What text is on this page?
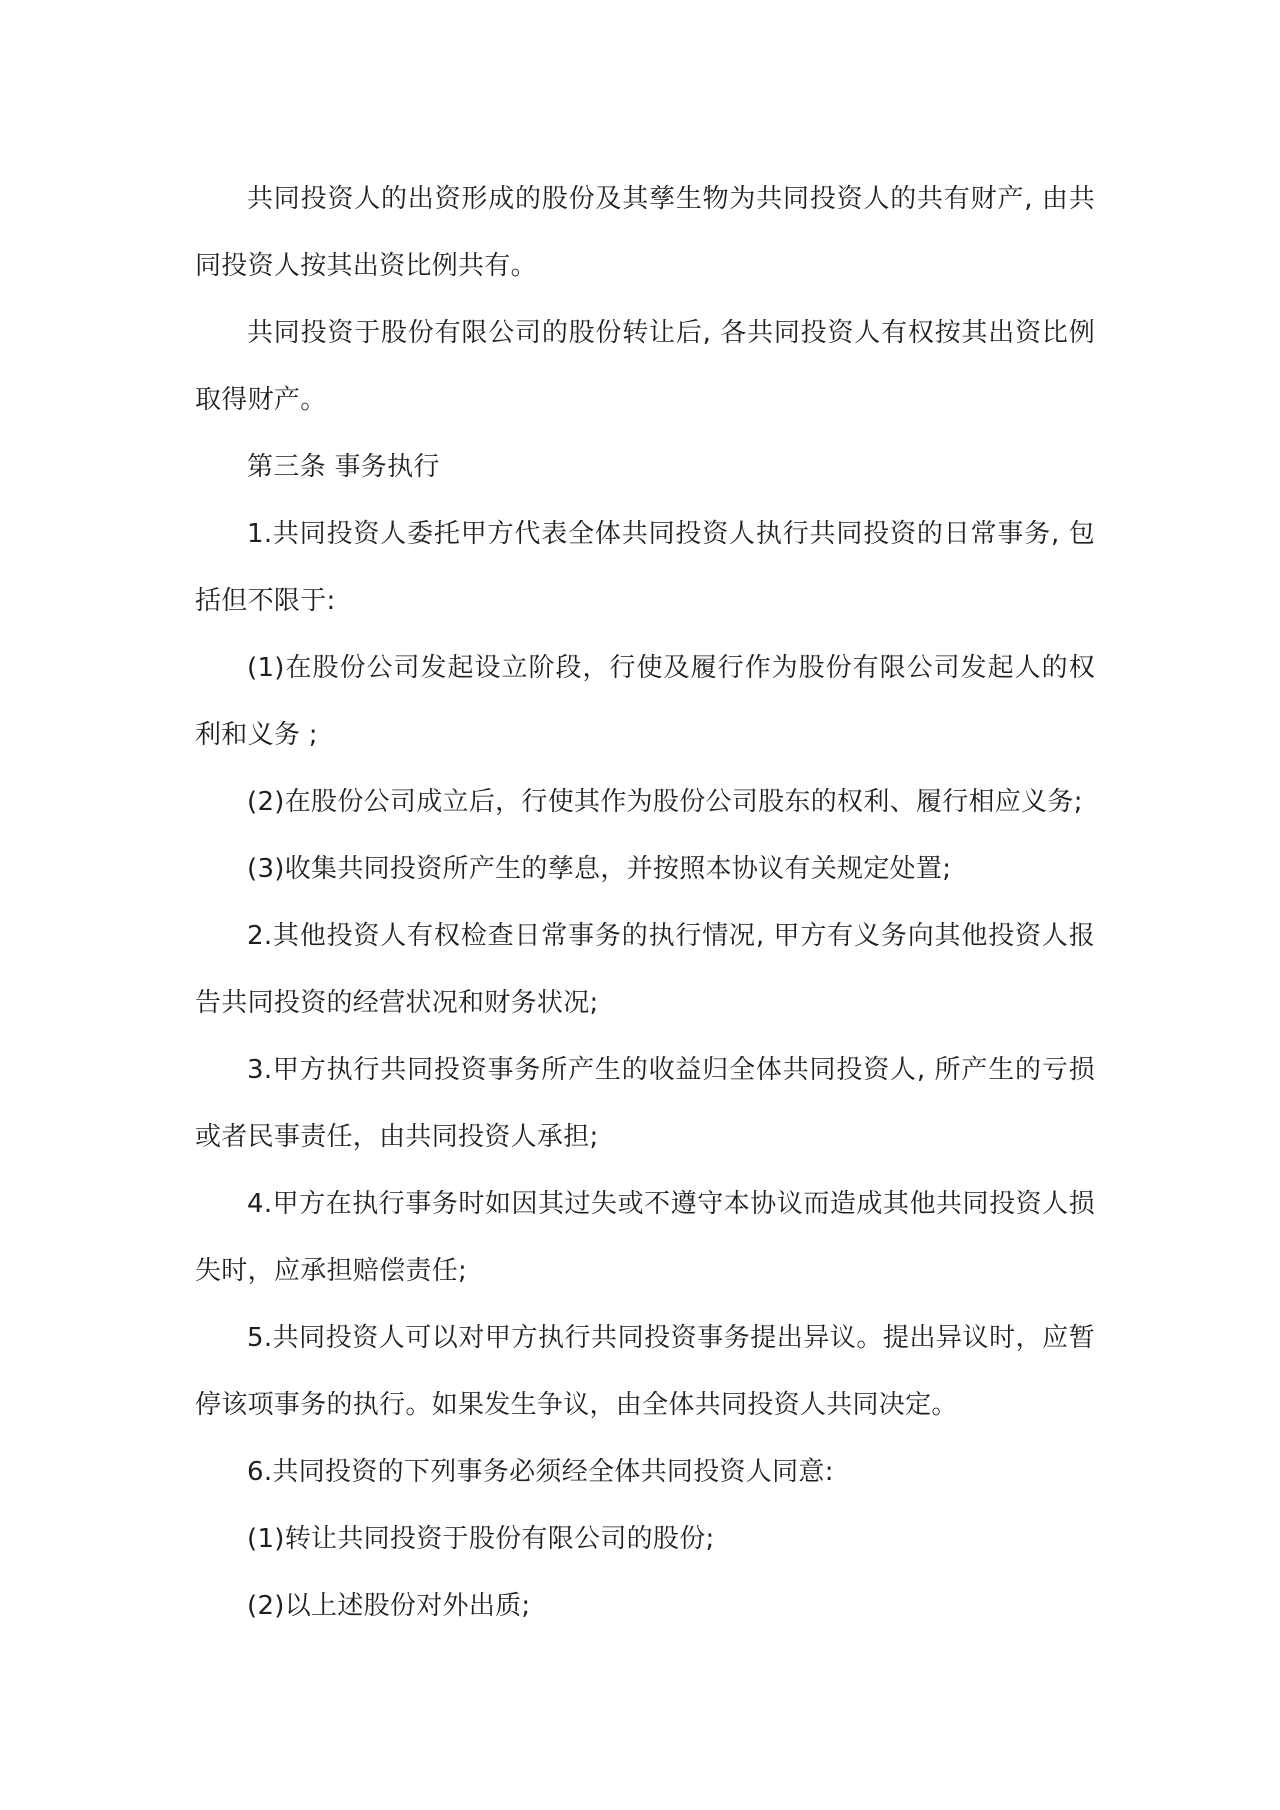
共同投资人的出资形成的股份及其孳生物为共同投资人的共有财产, 由共同投资人按其出资比例共有。

共同投资于股份有限公司的股份转让后, 各共同投资人有权按其出资比例取得财产。

第三条 事务执行

1.共同投资人委托甲方代表全体共同投资人执行共同投资的日常事务, 包括但不限于:

(1)在股份公司发起设立阶段，行使及履行作为股份有限公司发起人的权利和义务 ;

(2)在股份公司成立后，行使其作为股份公司股东的权利、履行相应义务;

(3)收集共同投资所产生的孳息，并按照本协议有关规定处置;

2.其他投资人有权检查日常事务的执行情况, 甲方有义务向其他投资人报告共同投资的经营状况和财务状况;

3.甲方执行共同投资事务所产生的收益归全体共同投资人, 所产生的亏损或者民事责任，由共同投资人承担;

4.甲方在执行事务时如因其过失或不遵守本协议而造成其他共同投资人损失时，应承担赔偿责任;

5.共同投资人可以对甲方执行共同投资事务提出异议。提出异议时，应暂停该项事务的执行。如果发生争议，由全体共同投资人共同决定。

6.共同投资的下列事务必须经全体共同投资人同意:

(1)转让共同投资于股份有限公司的股份;

(2)以上述股份对外出质;
